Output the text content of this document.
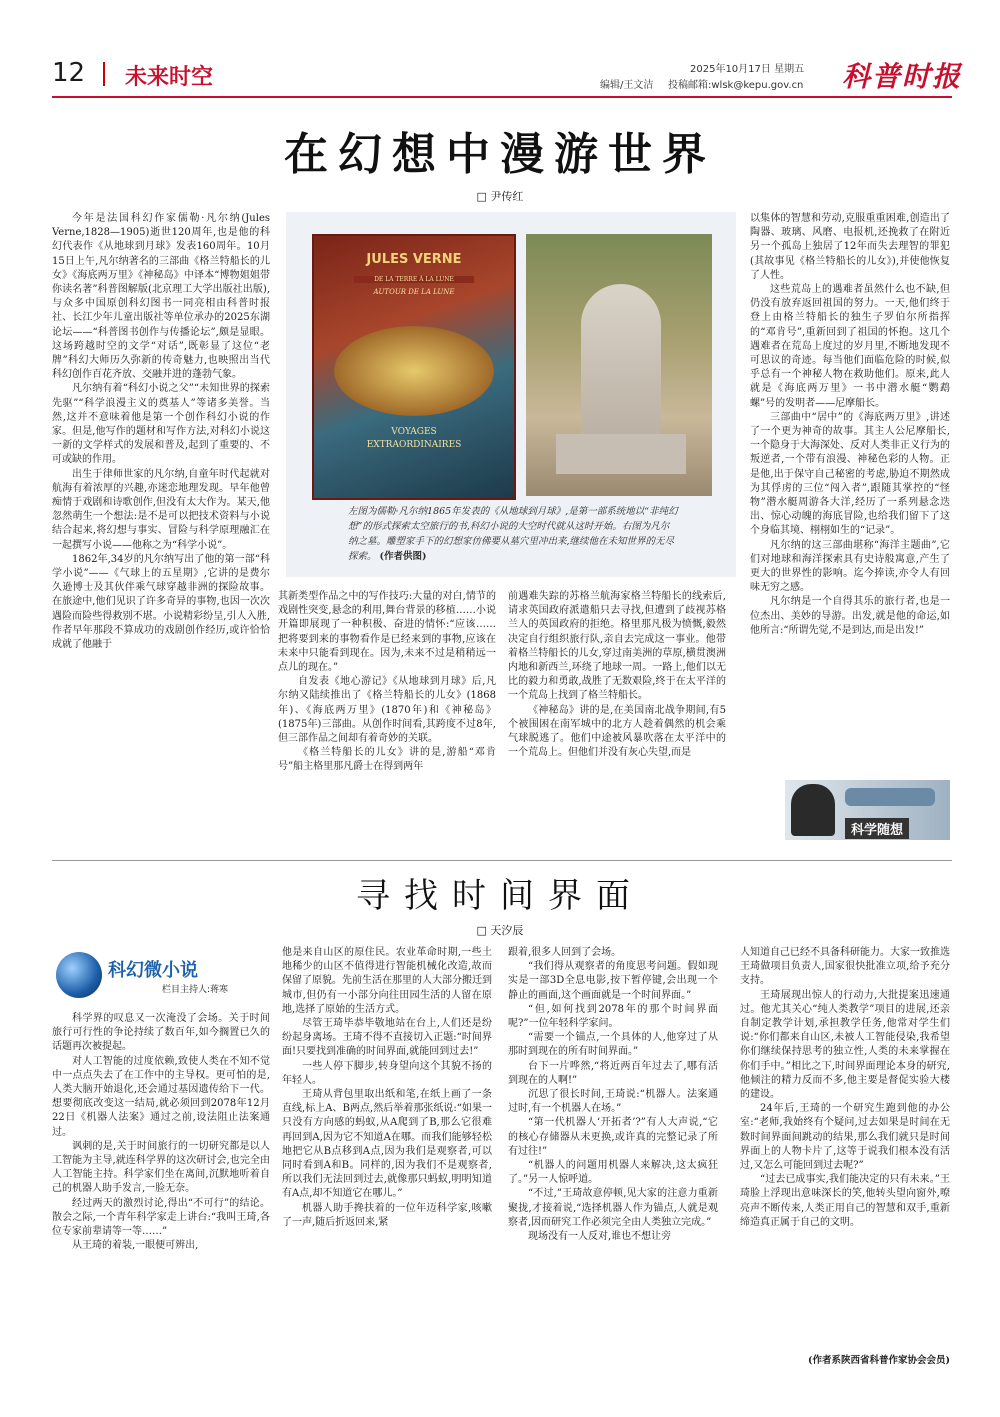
12 未来时空	2025年10月17日 星期五
编辑/王文洁 投稿邮箱:wlsk@kepu.gov.cn 科普时报
在幻想中漫游世界
□ 尹传红

今年是法国科幻作家儒勒·凡尔纳(Jules Verne,1828—1905)逝世120周年,也是他的科幻代表作《从地球到月球》发表160周年。10月15日上午,凡尔纳著名的三部曲《格兰特船长的儿女》《海底两万里》《神秘岛》中译本“博物姐姐带你读名著”科普图解版(北京理工大学出版社出版),与众多中国原创科幻图书一同亮相由科普时报社、长江少年儿童出版社等单位承办的2025东湖论坛——“科普图书创作与传播论坛”,颇是显眼。这场跨越时空的文学“对话”,既彰显了这位“老牌”科幻大师历久弥新的传奇魅力,也映照出当代科幻创作百花齐放、交融并进的蓬勃气象。

凡尔纳有着“科幻小说之父”“未知世界的探索先驱”“科学浪漫主义的奠基人”等诸多美誉。当然,这并不意味着他是第一个创作科幻小说的作家。但是,他写作的题材和写作方法,对科幻小说这一新的文学样式的发展和普及,起到了重要的、不可或缺的作用。

出生于律师世家的凡尔纳,自童年时代起就对航海有着浓厚的兴趣,亦迷恋地理发现。早年他曾痴情于戏剧和诗歌创作,但没有太大作为。某天,他忽然萌生一个想法:是不是可以把技术资料与小说结合起来,将幻想与事实、冒险与科学原理融汇在一起撰写小说——他称之为“科学小说”。

1862年,34岁的凡尔纳写出了他的第一部“科学小说”——《气球上的五星期》,它讲的是费尔久逊博士及其伙伴乘气球穿越非洲的探险故事。在旅途中,他们见识了许多奇异的事物,也因一次次遇险而险些得救别不堪。小说精彩纷呈,引人入胜,作者早年那段不算成功的戏剧创作经历,或许恰恰成就了他融于

JULES VERNE
DE LA TERRE À LA LUNE
AUTOUR DE LA LUNE
VOYAGES EXTRAORDINAIRES
左图为儒勒·凡尔纳1865年发表的《从地球到月球》,是第一部系统地以“非纯幻想”的形式探索太空旅行的书,科幻小说的大空时代就从这时开始。右图为凡尔纳之墓。雕塑家手下的幻想家仿佛要从墓穴里冲出来,继续他在未知世界的无尽探索。 (作者供图)

其新类型作品之中的写作技巧:大量的对白,情节的戏剧性突变,悬念的利用,舞台背景的移植……小说开篇即展现了一种积极、奋进的情怀:“应该……把将要到来的事物看作是已经来到的事物,应该在未来中只能看到现在。因为,未来不过是稍稍远一点儿的现在。”

自发表《地心游记》《从地球到月球》后,凡尔纳又陆续推出了《格兰特船长的儿女》(1868年)、《海底两万里》(1870年)和《神秘岛》(1875年)三部曲。从创作时间看,其跨度不过8年,但三部作品之间却有着奇妙的关联。

《格兰特船长的儿女》讲的是,游船“邓肯号”船主格里那凡爵士在得到两年

前遇难失踪的苏格兰航海家格兰特船长的线索后,请求英国政府派遣船只去寻找,但遭到了歧视苏格兰人的英国政府的拒绝。格里那凡极为愤慨,毅然决定自行组织旅行队,亲自去完成这一事业。他带着格兰特船长的儿女,穿过南美洲的草原,横贯澳洲内地和新西兰,环绕了地球一周。一路上,他们以无比的毅力和勇敢,战胜了无数艰险,终于在太平洋的一个荒岛上找到了格兰特船长。

《神秘岛》讲的是,在美国南北战争期间,有5个被围困在南军城中的北方人趁着偶然的机会乘气球脱逃了。他们中途被风暴吹落在太平洋中的一个荒岛上。但他们并没有灰心失望,而是

以集体的智慧和劳动,克服重重困难,创造出了陶器、玻璃、风磨、电报机,还挽救了在附近另一个孤岛上独居了12年而失去理智的罪犯(其故事见《格兰特船长的儿女》),并使他恢复了人性。

这些荒岛上的遇难者虽然什么也不缺,但仍没有放弃返回祖国的努力。一天,他们终于登上由格兰特船长的独生子罗伯尔所指挥的“邓肯号”,重新回到了祖国的怀抱。这几个遇难者在荒岛上度过的岁月里,不断地发现不可思议的奇迹。每当他们面临危险的时候,似乎总有一个神秘人物在救助他们。原来,此人就是《海底两万里》一书中潜水艇“鹦鹉螺”号的发明者——尼摩船长。

三部曲中“居中”的《海底两万里》,讲述了一个更为神奇的故事。其主人公尼摩船长,一个隐身于大海深处、反对人类非正义行为的叛逆者,一个带有浪漫、神秘色彩的人物。正是他,出于保守自己秘密的考虑,胁迫不期然成为其俘虏的三位“闯入者”,跟随其掌控的“怪物”潜水艇周游各大洋,经历了一系列悬念迭出、惊心动魄的海底冒险,也给我们留下了这个身临其境、栩栩如生的“记录”。

凡尔纳的这三部曲堪称“海洋主题曲”,它们对地球和海洋探索具有史诗般寓意,产生了更大的世界性的影响。迄今捧读,亦令人有回味无穷之感。

凡尔纳是一个自得其乐的旅行者,也是一位杰出、美妙的导游。出发,就是他的命运,如他所言:“所谓先觉,不是到达,而是出发!”

科学随想
寻找时间界面
□ 天汐辰
科幻微小说
栏目主持人:蒋寒

科学界的叹息又一次淹没了会场。关于时间旅行可行性的争论持续了数百年,如今搁置已久的话题再次被提起。

对人工智能的过度依赖,致使人类在不知不觉中一点点失去了在工作中的主导权。更可怕的是,人类大脑开始退化,还会通过基因遗传给下一代。想要彻底改变这一结局,就必须回到2078年12月22日《机器人法案》通过之前,设法阻止法案通过。

讽刺的是,关于时间旅行的一切研究都是以人工智能为主导,就连科学界的这次研讨会,也完全由人工智能主持。科学家们坐在离间,沉默地听着自己的机器人助手发言,一脸无奈。

经过两天的激烈讨论,得出“不可行”的结论。散会之际,一个青年科学家走上讲台:“我叫王琦,各位专家前辈请等一等……”

从王琦的着装,一眼便可辨出,

他是来自山区的原住民。农业革命时期,一些土地稀少的山区不值得进行智能机械化改造,故而保留了原貌。先前生活在那里的人大部分搬迁到城市,但仍有一小部分向往田园生活的人留在原地,选择了原始的生活方式。

尽管王琦毕恭毕敬地站在台上,人们还是纷纷起身离场。王琦不得不直接切入正题:“时间界面!只要找到准确的时间界面,就能回到过去!”

一些人停下脚步,转身望向这个其貌不扬的年轻人。

王琦从背包里取出纸和笔,在纸上画了一条直线,标上A、B两点,然后举着那张纸说:“如果一只没有方向感的蚂蚁,从A爬到了B,那么它很难再回到A,因为它不知道A在哪。而我们能够轻松地把它从B点移到A点,因为我们是观察者,可以同时看到A和B。同样的,因为我们不是观察者,所以我们无法回到过去,就像那只蚂蚁,明明知道有A点,却不知道它在哪儿。”

机器人助手搀扶着的一位年迈科学家,咳嗽了一声,随后折返回来,紧

跟着,很多人回到了会场。

“我们得从观察者的角度思考问题。假如现实是一部3D全息电影,按下暂停键,会出现一个静止的画面,这个画面就是一个时间界面。”

“但,如何找到2078年的那个时间界面呢?”一位年轻科学家问。

“需要一个锚点,一个具体的人,他穿过了从那时到现在的所有时间界面。”

台下一片哗然,“将近两百年过去了,哪有活到现在的人啊!”

沉思了很长时间,王琦说:“机器人。法案通过时,有一个机器人在场。”

“第一代机器人‘开拓者’?”有人大声说,“它的核心存储器从未更换,或许真的完整记录了所有过往!”

“机器人的问题用机器人来解决,这太疯狂了。”另一人惊呼道。

“不过,”王琦故意停顿,见大家的注意力重新聚拢,才接着说,“选择机器人作为锚点,人就是观察者,因而研究工作必须完全由人类独立完成。”

现场没有一人反对,谁也不想让旁

人知道自己已经不具备科研能力。大家一致推选王琦做项目负责人,国家很快批准立项,给予充分支持。

王琦展现出惊人的行动力,大批提案迅速通过。他尤其关心“纯人类教学”项目的进展,还亲自制定教学计划,承担教学任务,他常对学生们说:“你们都来自山区,未被人工智能侵染,我希望你们继续保持思考的独立性,人类的未来掌握在你们手中。”相比之下,时间界面理论本身的研究,他倾注的精力反而不多,他主要是督促实验大楼的建设。

24年后,王琦的一个研究生跑到他的办公室:“老师,我始终有个疑问,过去如果是时间在无数时间界面间跳动的结果,那么我们就只是时间界面上的人物卡片了,这等于说我们根本没有活过,又怎么可能回到过去呢?”

“过去已成事实,我们能决定的只有未来。”王琦脸上浮现出意味深长的笑,他转头望向窗外,嘹亮声不断传来,人类正用自己的智慧和双手,重新缔造真正属于自己的文明。

(作者系陕西省科普作家协会会员)
